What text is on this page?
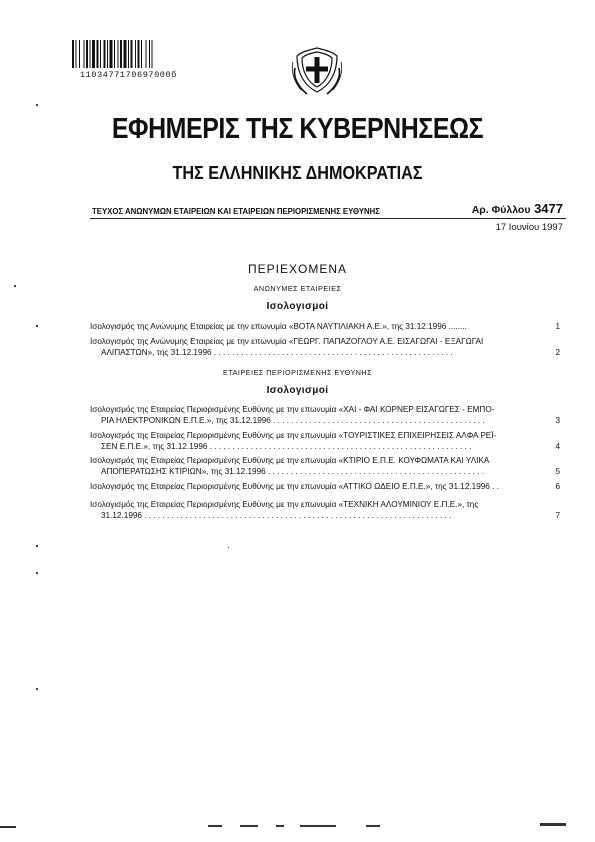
1103477170697000б
ΕΦΗΜΕΡΙΣ ΤΗΣ ΚΥΒΕΡΝΗΣΕΩΣ
ΤΗΣ ΕΛΛΗΝΙΚΗΣ ΔΗΜΟΚΡΑΤΙΑΣ
ΤΕΥΧΟΣ ΑΝΩΝΥΜΩΝ ΕΤΑΙΡΕΙΩΝ ΚΑΙ ΕΤΑΙΡΕΙΩΝ ΠΕΡΙΟΡΙΣΜΕΝΗΣ ΕΥΘΥΝΗΣ	Αρ. Φύλλου 3477
17 Ιουνίου 1997
ΠΕΡΙΕΧΟΜΕΝΑ
ΑΝΩΝΥΜΕΣ ΕΤΑΙΡΕΙΕΣ
Ισολογισμοί
Ισολογισμός της Ανώνυμης Εταιρείας με την επωνυμία «ΒΟΤΑ ΝΑΥΤΙΛΙΑΚΗ Α.Ε.», της 31.12.1996 ........	1
Ισολογισμός της Ανώνυμης Εταιρείας με την επωνυμία «ΓΕΩΡΓ. ΠΑΠΑΖΟΓΛΟΥ Α.Ε. ΕΙΣΑΓΩΓΑΙ - ΕΞΑΓΩΓΑΙ
ΑΛΙΠΑΣΤΩΝ», της 31.12.1996 . . . . . . . . . . . . . . . . . . . . . . . . . . . . . . . . . . . . . . . . . . . . . . . . . . . . .	2
ΕΤΑΙΡΕΙΕΣ ΠΕΡΙΟΡΙΣΜΕΝΗΣ ΕΥΘΥΝΗΣ
Ισολογισμοί
Ισολογισμός της Εταιρείας Περιορισμένης Ευθύνης με την επωνυμία «ΧΑΙ - ΦΑΙ ΚΟΡΝΕΡ ΕΙΣΑΓΩΓΕΣ - ΕΜΠΟ-
ΡΙΑ ΗΛΕΚΤΡΟΝΙΚΩΝ Ε.Π.Ε.», της 31.12.1996 . . . . . . . . . . . . . . . . . . . . . . . . . . . . . . . . . . . . . . . . . . . . . . .	3
Ισολογισμός της Εταιρείας Περιορισμένης Ευθύνης με την επωνυμία «ΤΟΥΡΙΣΤΙΚΕΣ ΕΠΙΧΕΙΡΗΣΕΙΣ ΑΛΦΑ ΡΕΪ-
ΣΕΝ Ε.Π.Ε.», της 31.12.1996 . . . . . . . . . . . . . . . . . . . . . . . . . . . . . . . . . . . . . . . . . . . . . . . . . . . . . . . . . .	4
Ισολογισμός της Εταιρείας Περιορισμένης Ευθύνης με την επωνυμία «ΚΤΙΡΙΟ Ε.Π.Ε. ΚΟΥΦΩΜΑΤΑ ΚΑΙ ΥΛΙΚΑ
ΑΠΟΠΕΡΑΤΩΣΗΣ ΚΤΙΡΙΩΝ», της 31.12.1996 . . . . . . . . . . . . . . . . . . . . . . . . . . . . . . . . . . . . . . . . . . . . . . . .	5
Ισολογισμός της Εταιρείας Περιορισμένης Ευθύνης με την επωνυμία «ΑΤΤΙΚΟ ΩΔΕΙΟ Ε.Π.Ε.», της 31.12.1996 . .	6
Ισολογισμός της Εταιρείας Περιορισμένης Ευθύνης με την επωνυμία «ΤΕΧΝΙΚΗ ΑΛΟΥΜΙΝΙΟΥ Ε.Π.Ε.», της
31.12.1996 . . . . . . . . . . . . . . . . . . . . . . . . . . . . . . . . . . . . . . . . . . . . . . . . . . . . . . . . . . . . . . . . . . . .	7
